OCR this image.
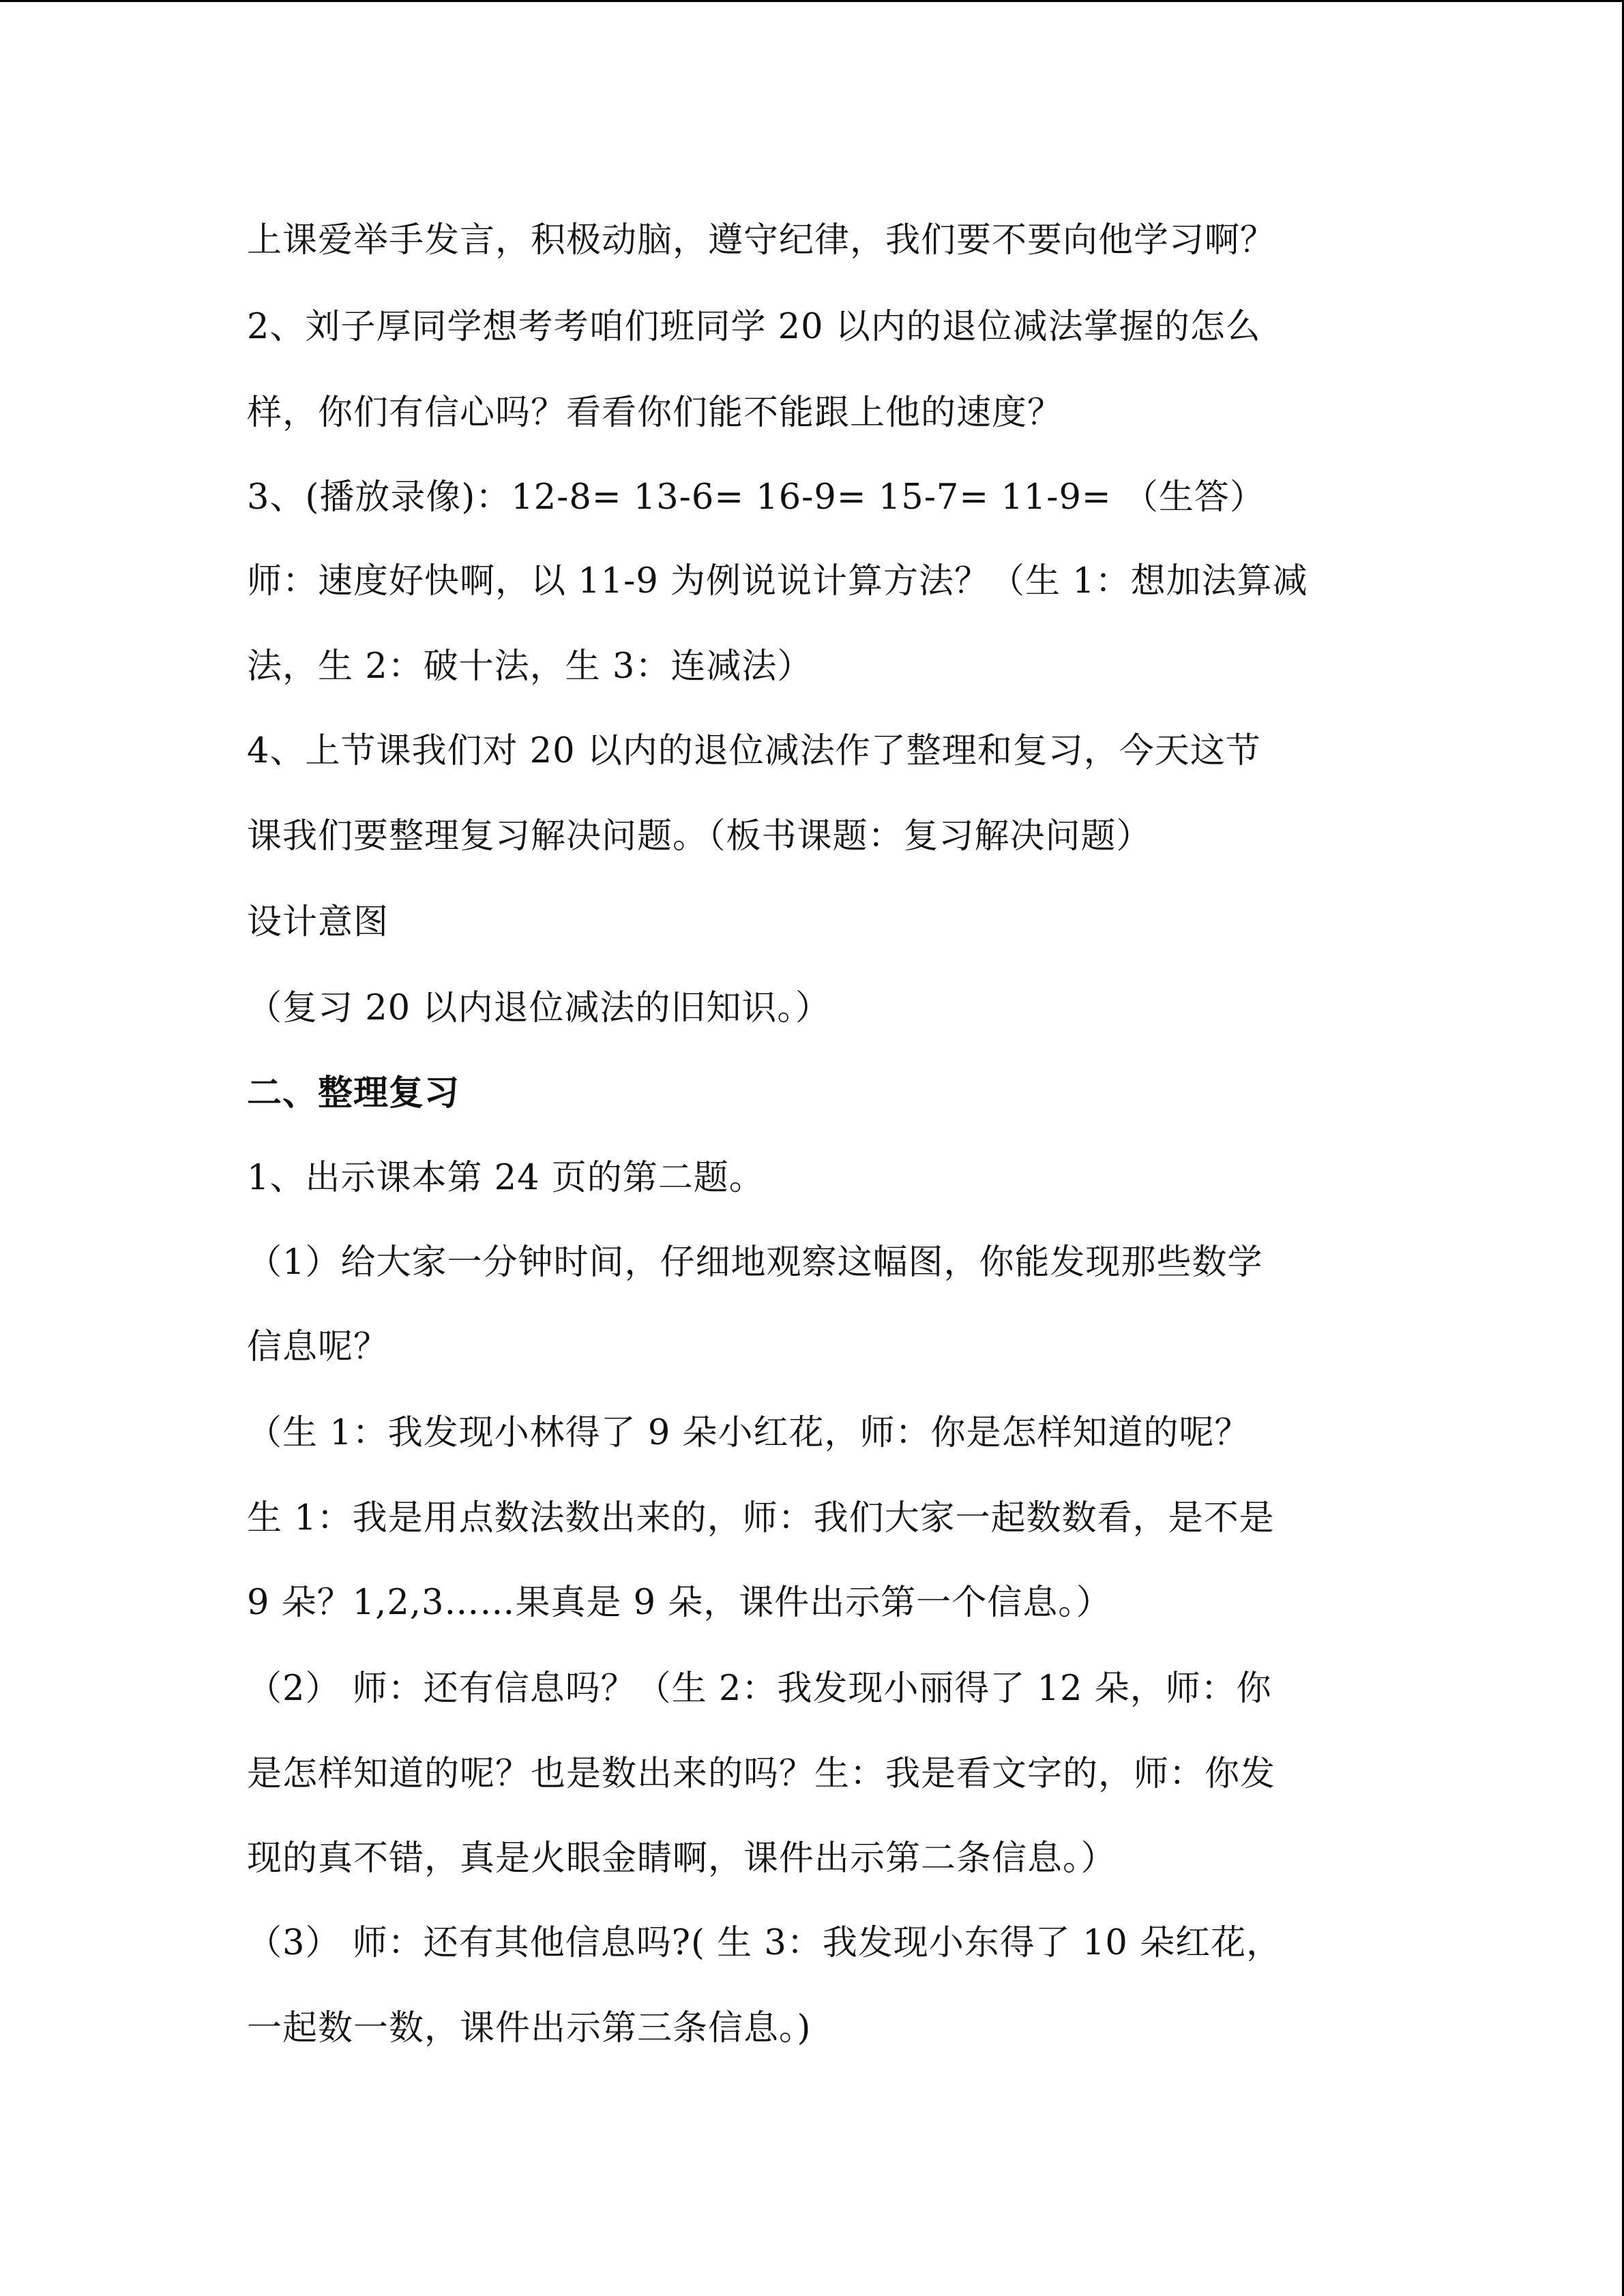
上课爱举手发言，积极动脑，遵守纪律，我们要不要向他学习啊？
2、刘子厚同学想考考咱们班同学 20 以内的退位减法掌握的怎么
样，你们有信心吗？看看你们能不能跟上他的速度？
3、(播放录像)：12-8= 13-6= 16-9= 15-7= 11-9= （生答）
师：速度好快啊，以 11-9 为例说说计算方法？（生 1：想加法算减
法，生 2：破十法，生 3：连减法）
4、上节课我们对 20 以内的退位减法作了整理和复习，今天这节
课我们要整理复习解决问题。（板书课题：复习解决问题）
设计意图
（复习 20 以内退位减法的旧知识。）
二、整理复习
1、出示课本第 24 页的第二题。
（1）给大家一分钟时间，仔细地观察这幅图，你能发现那些数学
信息呢？
（生 1：我发现小林得了 9 朵小红花，师：你是怎样知道的呢？
生 1：我是用点数法数出来的，师：我们大家一起数数看，是不是
9 朵？1,2,3……果真是 9 朵，课件出示第一个信息。）
（2） 师：还有信息吗？（生 2：我发现小丽得了 12 朵，师：你
是怎样知道的呢？也是数出来的吗？生：我是看文字的，师：你发
现的真不错，真是火眼金睛啊，课件出示第二条信息。）
（3） 师：还有其他信息吗?( 生 3：我发现小东得了 10 朵红花，
一起数一数，课件出示第三条信息。)
